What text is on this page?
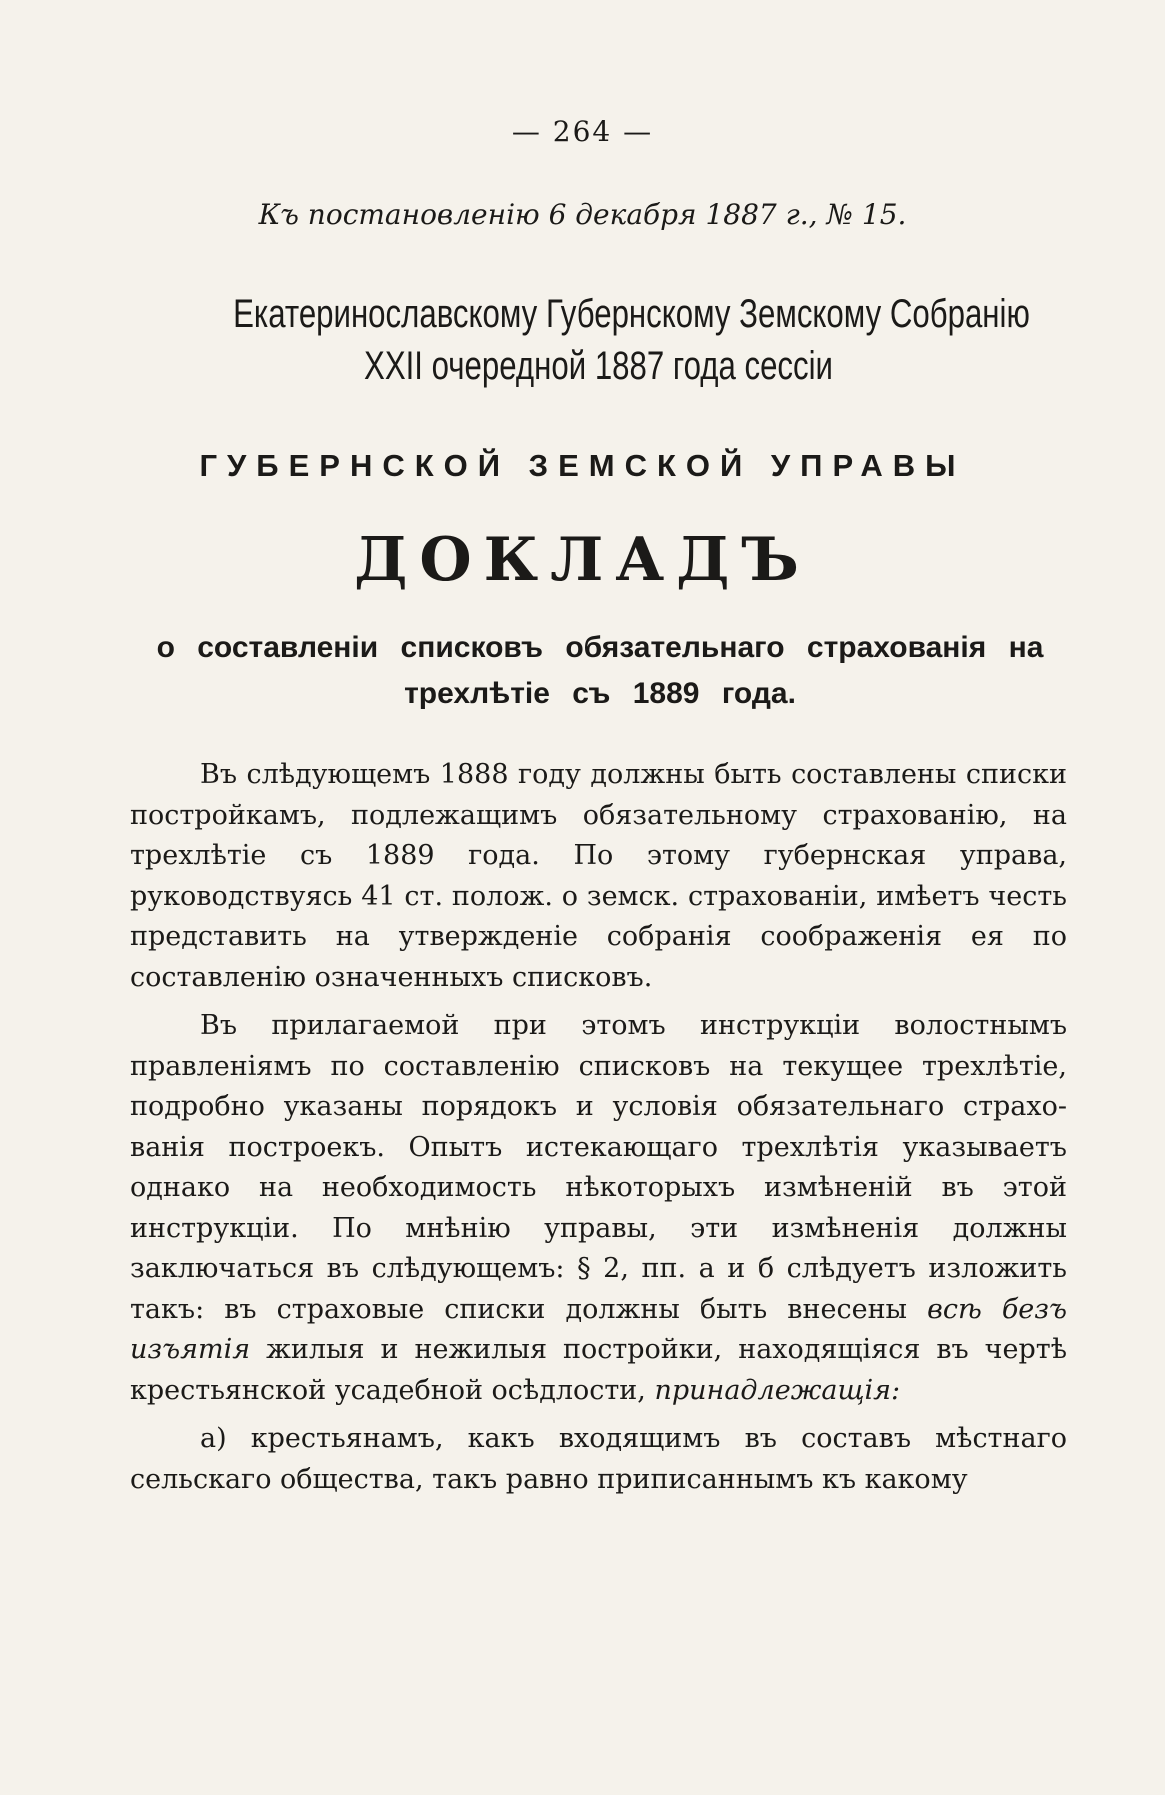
— 264 —
Къ постановленію 6 декабря 1887 г., № 15.
Екатеринославскому Губернскому Земскому Собранію
XXII очередной 1887 года сессіи
ГУБЕРНСКОЙ ЗЕМСКОЙ УПРАВЫ
ДОКЛАДЪ
о составленіи списковъ обязательнаго страхованія на
трехлѣтіе съ 1889 года.

Въ слѣдующемъ 1888 году должны быть составлены списки постройкамъ, подлежащимъ обязательному страхованію, на трехлѣтіе съ 1889 года. По этому губернская управа, руководствуясь 41 ст. полож. о земск. страхованіи, имѣетъ честь представить на утвержденіе собранія соображенія ея по составленію означенныхъ списковъ.

Въ прилагаемой при этомъ инструкціи волостнымъ правленіямъ по составленію списковъ на текущее трехлѣтіе, подробно указаны порядокъ и условія обязательнаго страхованія построекъ. Опытъ истекающаго трехлѣтія указываетъ однако на необходимость нѣкоторыхъ измѣненій въ этой инструкціи. По мнѣнію управы, эти измѣненія должны заключаться въ слѣдующемъ: § 2, пп. а и б слѣдуетъ изложить такъ: въ страховые списки должны быть внесены всѣ безъ изъятія жилыя и нежилыя постройки, находящіяся въ чертѣ крестьянской усадебной осѣдлости, принадлежащія:

а) крестьянамъ, какъ входящимъ въ составъ мѣстнаго сельскаго общества, такъ равно приписаннымъ къ какому
